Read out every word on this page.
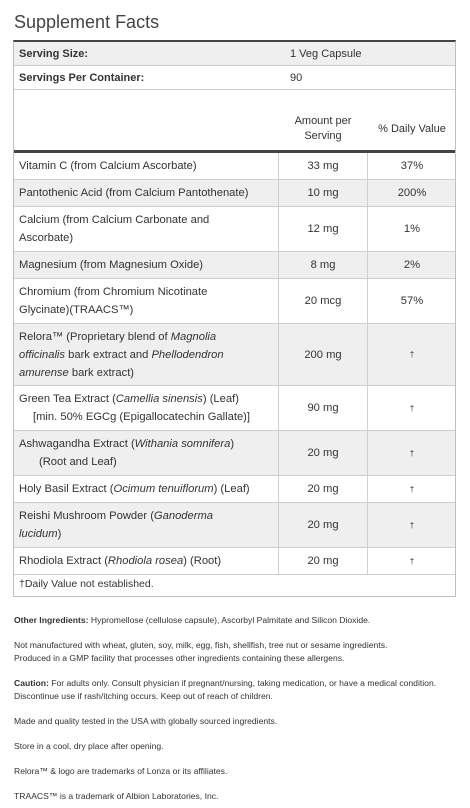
Supplement Facts
Serving Size:	1 Veg Capsule
Servings Per Container:	90
Amount per
Serving
% Daily Value
Vitamin C (from Calcium Ascorbate)	33 mg	37%
Pantothenic Acid (from Calcium Pantothenate)	10 mg	200%
Calcium (from Calcium Carbonate and
Ascorbate)
12 mg	1%
Magnesium (from Magnesium Oxide)	8 mg	2%
Chromium (from Chromium Nicotinate
Glycinate)(TRAACS™)
20 mcg	57%
Relora™ (Proprietary blend of Magnolia
officinalis bark extract and Phellodendron
amurense bark extract)
200 mg	†
Green Tea Extract (Camellia sinensis) (Leaf)
[min. 50% EGCg (Epigallocatechin Gallate)]
90 mg	†
Ashwagandha Extract (Withania somnifera)
(Root and Leaf)
20 mg	†
Holy Basil Extract (Ocimum tenuiflorum) (Leaf)	20 mg	†
Reishi Mushroom Powder (Ganoderma
lucidum)
20 mg	†
Rhodiola Extract (Rhodiola rosea) (Root)	20 mg	†
†Daily Value not established.

Other Ingredients: Hypromellose (cellulose capsule), Ascorbyl Palmitate and Silicon Dioxide.

Not manufactured with wheat, gluten, soy, milk, egg, fish, shellfish, tree nut or sesame ingredients.
Produced in a GMP facility that processes other ingredients containing these allergens.

Caution: For adults only. Consult physician if pregnant/nursing, taking medication, or have a medical condition. Discontinue use if rash/itching occurs. Keep out of reach of children.

Made and quality tested in the USA with globally sourced ingredients.

Store in a cool, dry place after opening.

Relora™ & logo are trademarks of Lonza or its affiliates.

TRAACS™ is a trademark of Albion Laboratories, Inc.
